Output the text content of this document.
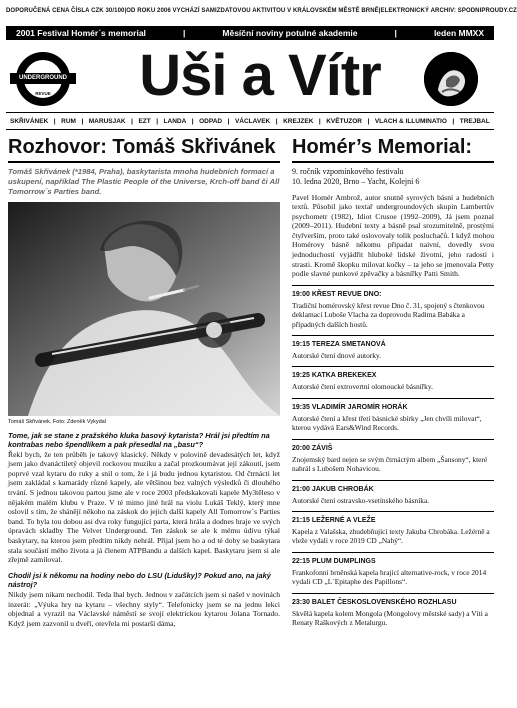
DOPORUČENÁ CENA ČÍSLA CZK 30/100 | OD ROKU 2006 VYCHÁZÍ SAMIZDATOVOU AKTIVITOU V KRÁLOVSKÉM MĚSTĚ BRNĚ | ELEKTRONICKÝ ARCHIV: SPODNIPROUDY.CZ
2001 Festival Homér´s memorial	|	Měsíční noviny potulné akademie	|	leden MMXX
UNDERGROUND
REVUE	Uši a Vítr
SKŘIVÁNEK | RUM | MARUSJAK | EZT | LANDA | ODPAD | VÁCLAVEK | KREJZEK | KVĚTUZOR | VLACH & ILLUMINATIO | TREJBAL
Rozhovor: Tomáš Skřivánek
Tomáš Skřivánek (*1984, Praha), baskytarista mnoha hudebních formací a uskupení, například The Plastic People of the Universe, Krch-off band či All Tomorrow´s Parties band.
Tomáš Skřivánek. Foto: Zdeněk Vykydal
Tome, jak se stane z pražského kluka basový kytarista? Hrál jsi předtím na kontrabas nebo špendlíkem a pak přesedlal na „basu“?
Řekl bych, že ten průběh je takový klasický. Někdy v polovině devadesátých let, když jsem jako dvanáctiletý objevil rockovou muziku a začal prozkoumávat její zákoutí, jsem poprvé vzal kytaru do ruky a snil o tom, že i já budu jednou kytaristou. Od čtrnácti let jsem zakládal s kamarády různé kapely, ale většinou bez valných výsledků či dlouhého trvání. S jednou takovou partou jsme ale v roce 2003 předskakovali kapele My3těleso v nějakém malém klubu v Praze. V té mimo jiné hrál na violu Lukáš Teklý, který mne oslovil s tím, že shánějí někoho na záskok do jejich další kapely All Tomorrow´s Parties band. To byla tou dobou asi dva roky fungující parta, která hrála a dodnes hraje ve svých úpravách skladby The Velvet Underground. Ten záskok se ale k mému údivu týkal baskytary, na kterou jsem předtím nikdy nehrál. Přijal jsem ho a od té doby se baskytara stala součástí mého života a já členem ATPBandu a dalších kapel. Baskytaru jsem si ale zřejmě zamiloval.
Chodil jsi k někomu na hodiny nebo do LSU (Lidušky)? Pokud ano, na jaký nástroj?
Nikdy jsem nikam nechodil. Teda lhal bych. Jednou v začátcích jsem si našel v novinách inzerát: „Výuka hry na kytaru – všechny styly“. Telefonicky jsem se na jednu lekci objednal a vyrazil na Václavské náměstí se svojí elektrickou kytarou Jolana Tornado. Když jsem zazvonil u dveří, otevřela mi postarší dáma,
Homér’s Memorial:
9. ročník vzpomínkového festivalu
10. ledna 2020, Brno – Yacht, Kolejní 6
Pavel Homér Ambrož, autor snutně syrových básní a hudebních textů. Působil jako textař undergroundových skupin Lambertův psychometr (1982), Idiot Crusoe (1992–2009), Já jsem poznal (2009–2011). Hudební texty a básně psal srozumitelně, prostými čtyřverším, proto také oslovovaly tolik posluchačů. I když mohou Homérovy básně někomu připadat naivní, dovedly svou jednoduchostí vyjádřit hluboké lidské životní, jeho radosti i strasti. Kromě škopku milovat kočky – ta jeho se jmenovala Petty podle slavné punkové zpěvačky a básnířky Patti Smith.
19:00 KŘEST REVUE DNO:
Tradiční homérovský křest revue Dno č. 31, spojený s čtenkovou deklamací Luboše Vlacha za doprovodu Radima Babáka a případných dalších hostů.
19:15 TEREZA SMETANOVÁ
Autorské čtení dnové autorky.
19:25 KATKA BREKEKEX
Autorské čtení extrovertní olomoucké básnířky.
19:35 VLADIMÍR JAROMÍR HORÁK
Autorské čtení a křest třetí básnické sbírky „Jen chvíli milovat“, kterou vydává Ears&Wind Records.
20:00 ZÁVIŠ
Znojemský bard nejen se svým čtrnáctým albem „Šansony“, které nahrál s Lubošem Nohavicou.
21:00 JAKUB CHROBÁK
Autorské čtení ostravsko-vsetínského básníka.
21:15 LEŽERNÉ A VLEŽE
Kapela z Valašska, zhudebňující texty Jakuba Chrobáka. Ležérně a vleže vydali v roce 2019 CD „Nahý“.
22:15 PLUM DUMPLINGS
Frankofonní brněnská kapela hrající alternative-rock, v roce 2014 vydali CD „L´Epitaphe des Papillons“.
23:30 BALET ČESKOSLOVENSKÉHO ROZHLASU
Skvělá kapela kolem Mongola (Mongolovy městské sady) a Víti a Renaty Raškových z Metalurgu.
